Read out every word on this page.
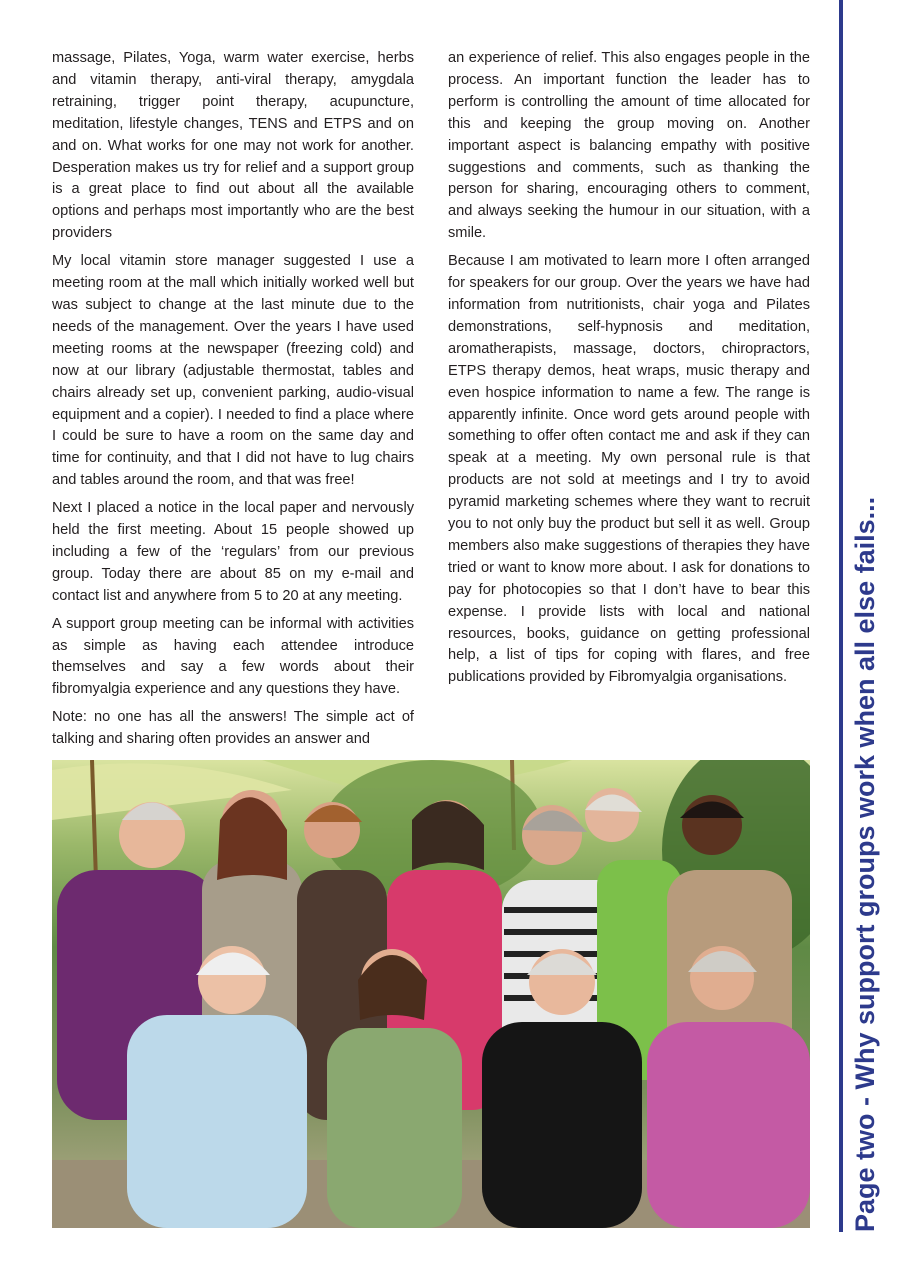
massage, Pilates, Yoga, warm water exercise, herbs and vitamin therapy, anti-viral therapy, amygdala retraining, trigger point therapy, acupuncture, meditation, lifestyle changes, TENS and ETPS and on and on. What works for one may not work for another. Desperation makes us try for relief and a support group is a great place to find out about all the available options and perhaps most importantly who are the best providers

My local vitamin store manager suggested I use a meeting room at the mall which initially worked well but was subject to change at the last minute due to the needs of the management. Over the years I have used meeting rooms at the newspaper (freezing cold) and now at our library (adjustable thermostat, tables and chairs already set up, convenient parking, audio-visual equipment and a copier). I needed to find a place where I could be sure to have a room on the same day and time for continuity, and that I did not have to lug chairs and tables around the room, and that was free!

Next I placed a notice in the local paper and nervously held the first meeting. About 15 people showed up including a few of the ‘regulars’ from our previous group. Today there are about 85 on my e-mail and contact list and anywhere from 5 to 20 at any meeting.

A support group meeting can be informal with activities as simple as having each attendee introduce themselves and say a few words about their fibromyalgia experience and any questions they have.

Note: no one has all the answers! The simple act of talking and sharing often provides an answer and

an experience of relief. This also engages people in the process. An important function the leader has to perform is controlling the amount of time allocated for this and keeping the group moving on. Another important aspect is balancing empathy with positive suggestions and comments, such as thanking the person for sharing, encouraging others to comment, and always seeking the humour in our situation, with a smile.

Because I am motivated to learn more I often arranged for speakers for our group. Over the years we have had information from nutritionists, chair yoga and Pilates demonstrations, self-hypnosis and meditation, aromatherapists, massage, doctors, chiropractors, ETPS therapy demos, heat wraps, music therapy and even hospice information to name a few. The range is apparently infinite. Once word gets around people with something to offer often contact me and ask if they can speak at a meeting. My own personal rule is that products are not sold at meetings and I try to avoid pyramid marketing schemes where they want to recruit you to not only buy the product but sell it as well. Group members also make suggestions of therapies they have tried or want to know more about. I ask for donations to pay for photocopies so that I don’t have to bear this expense. I provide lists with local and national resources, books, guidance on getting professional help, a list of tips for coping with flares, and free publications provided by Fibromyalgia organisations.	Page two - Why support groups work when all else fails...
